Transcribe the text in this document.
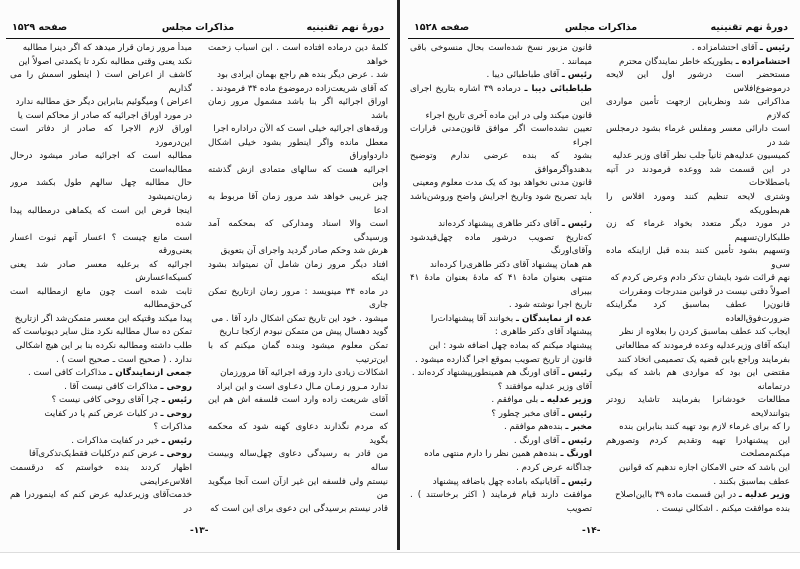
دورهٔ نهم تقنینیه
مذاکرات مجلس
صفحه ۱۵۲۹

کلمهٔ دین درماده افتاده است . این اسباب زحمت خواهد

شد . عرض دیگر بنده هم راجع بهمان ایرادی بود

که آقای شریعت‌زاده درموضوع ماده ۳۴ فرمودند .

اوراق اجرائیه اگر بنا باشد مشمول مرور زمان باشد

ورقه‌های اجرائیه خیلی است که الآن دراداره اجرا

معطل مانده واگر اینطور بشود خیلی اشکال داردواوراق

اجرائیه هست که سالهای متمادی ازش گذشته واین

چیز غریبی خواهد شد مرور زمان آقا مربوط به ادعا

است والا اسناد ومدارکی که بمحکمه آمد ورسیدگی

هرش شد وحکم صادر گردید واجرای آن بتعویق

افتاد دیگر مرور زمان شامل آن نمیتواند بشود اینکه

در ماده ۳۴ مینویسد : مرور زمان ازتاریخ تمکن جاری

میشود . خود این تاریخ تمکن اشکال دارد آقا . می

گوید دهسال پیش من متمکن نبودم ازکجا تـاریخ

تمکن معلوم میشود وبنده گمان میکنم که با این‌ترتیب

اشکالات زیادی دارد ورقه اجرائیه آقا مرورزمان

ندارد مـرور زمـان مـال دعـاوی است و این ایراد

آقای شریعت زاده وارد است فلسفه اش هم این است

که مردم نگذارند دعاوی کهنه شود که محکمه بگوید

من قادر به رسیدگی دعاوی چهل‌ساله وبیست ساله

نیستم ولی فلسفه این غیر ازآن است آنجا میگوید من

قادر نیستم برسیدگی این دعوی برای این است که

مبدأ مرور زمان قرار میدهد که اگر دینرا مطالبه

نکند یعنی وقتی مطالبه نکرد تا یکمدتی اصولاً این

کاشف از اعراض است ( اینطور اسمش را می گذاریم

اعراض ) ومیگوئیم بنابراین دیگر حق مطالبه ندارد

در مورد اوراق اجرائیه که صادر از محاکم است یا

اوراق لازم الاجرا که صادر از دفاتر است این‌درمورد

مطالبه است که اجرائیه صادر میشود درحال مطالبه‌است

حال مطالبه چهل سالهم طول بکشد مرور زمان‌نمیشود

اینجا فرض این است که یکماهی درمطالبه پیدا شده

است مانع چیست ؟ اعسار آنهم ثبوت اعسار یعنی‌ورقه

اجرائیه که برعلیه معسر صادر شد یعنی کسیکه‌اعسارش

ثابت شده است چون مانع ازمطالبه است کی‌حق‌مطالبه

پیدا میکند وقتیکه این معسر متمکن‌شد اگر ازتاریخ

تمکن ده سال مطالبه نکرد مثل سایر دیونیاست که

طلب داشته ومطالبه نکرده بنا بر این هیچ اشکالی

ندارد . ( صحیح است ـ صحیح است ) .

جمعی ازنمایندگان ـ مذاکرات کافی است .

روحی ـ مذاکرات کافی نیست آقا .

رئیس ـ چرا آقای روحی کافی نیست ؟

روحی ـ در کلیات عرض کنم یا در کفایت

مذاکرات ؟

رئیس ـ خیر در کفایت مذاکرات .

روحی ـ عرض کنم درکلیات فقط‌یک‌تذکری‌آقا

اظهار کردند بنده خواستم که درقسمت افلاس‌عرایضی

خدمت‌آقای وزیرعدلیه عرض کنم که اینموردرا هم در

-۱۳-
دورهٔ نهم تقنینیه
مذاکرات مجلس
صفحه ۱۵۲۸

رئیس ـ آقای احتشامزاده .

احتشامزاده ـ بطوریکه خاطر نمایندگان محترم

مستحضر است درشور اول این لایحه درموضوع‌افلاس

مذاکراتی شد ونظرباین ازجهت تأمین مواردی که‌لازم

است دارائی معسر ومفلس غرماء بشود درمجلس شد در

کمیسیون عدلیه‌هم ثانیاً جلب نظر آقای وزیر عدلیه

در این قسمت شد ووعده فرمودند در آتیه باصطلاحات

وشتری لایحه تنظیم کنند ومورد افلاس را هم‌بطوریکه

در مورد دیگر متعدد بخواد غرماء که زن طلبکاران‌تسهیم

وتسهیم بشود تأمین کنند بنده قبل ازاینکه ماده سی‌و

نهم قرائت شود بایشان تذکر دادم وعرض کردم که

اصولاً دقتی نیست در قوانین مندرجات ومقررات

قانون‌را عطف بماسبق کرد مگراینکه ضرورت‌فوق‌العاده

ایجاب کند عطف بماسبق کردن را بعلاوه از نظر

اینکه آقای وزیرعدلیه وعده فرمودند که مطالعاتی

بفرمایند وراجع باین قضیه یک تصمیمی اتخاذ کنند

مقتضی این بود که مواردی هم باشد که بیکی درتمامانه

مطالعات خودشانرا بفرمایند تاشاید زودتر بتوانندلایحه‌

را که برای غرماء لازم بود تهیه کنند بنابراین بنده

این پیشنهادرا تهیه وتقدیم کردم وتصورهم میکنم‌مصلحت

این باشد که حتی الامکان اجازه ندهیم که قوانین

عطف بماسبق بکنند .

وزیر عدلیه ـ در این قسمت ماده ۳۹ بااین‌اصلاح

بنده موافقت میکنم . اشکالی نیست .

قانون مزبور نسخ شده‌است بحال منسوخی باقی میمانند .

رئیس ـ آقای طباطبائی دیبا .

طباطبائی دیبا ـ درماده ۳۹ اشاره بتاریخ اجرای این

قانون میکند ولی در این ماده آخری تاریخ اجراء

تعیین نشده‌است اگر موافق قانون‌مدنی قرارات اجراء

بشود که بنده عرضی ندارم وتوضیح بدهندواگرموافق

قانون مدنی نخواهد بود که یک مدت معلوم ومعینی

باید تصریح شود وتاریخ اجرایش واضح وروشن‌باشد .

رئیس ـ آقای دکتر طاهری پیشنهاد کرده‌اند

که‌تاریخ تصویب درشور ماده چهل‌قیدشود وآقای‌اورنگ

هم همان پیشنهاد آقای دکتر طاهری‌را کرده‌اند

منتهی بعنوان مادهٔ ۴۱ که مادهٔ بعنوان مادهٔ ۴۱ بیبرای

تاریخ اجرا نوشته شود .

عده از نمایندگان ـ بخوانند آقا پیشنهادات‌را

پیشنهاد آقای دکتر طاهری :

پیشنهاد میکنم که بماده چهل اضافه شود : این

قانون از تاریخ تصویب بموقع اجرا گذارده میشود .

رئیس ـ آقای اورنگ هم همینطورپیشنهاد کرده‌اند .

آقای وزیر عدلیه موافقند ؟

وزیر عدلیه ـ بلی موافقم .

رئیس ـ آقای مخبر چطور ؟

مخبر ـ بنده‌هم موافقم .

رئیس ـ آقای اورنگ .

اورنگ ـ بنده‌هم همین نظر را دارم منتهی ماده

جداگانه عرض کردم .

رئیس ـ آقایانیکه باماده چهل باضافه پیشنهاد

موافقت دارند قیام فرمایند ( اکثر برخاستند ) . تصویب

-۱۴-
